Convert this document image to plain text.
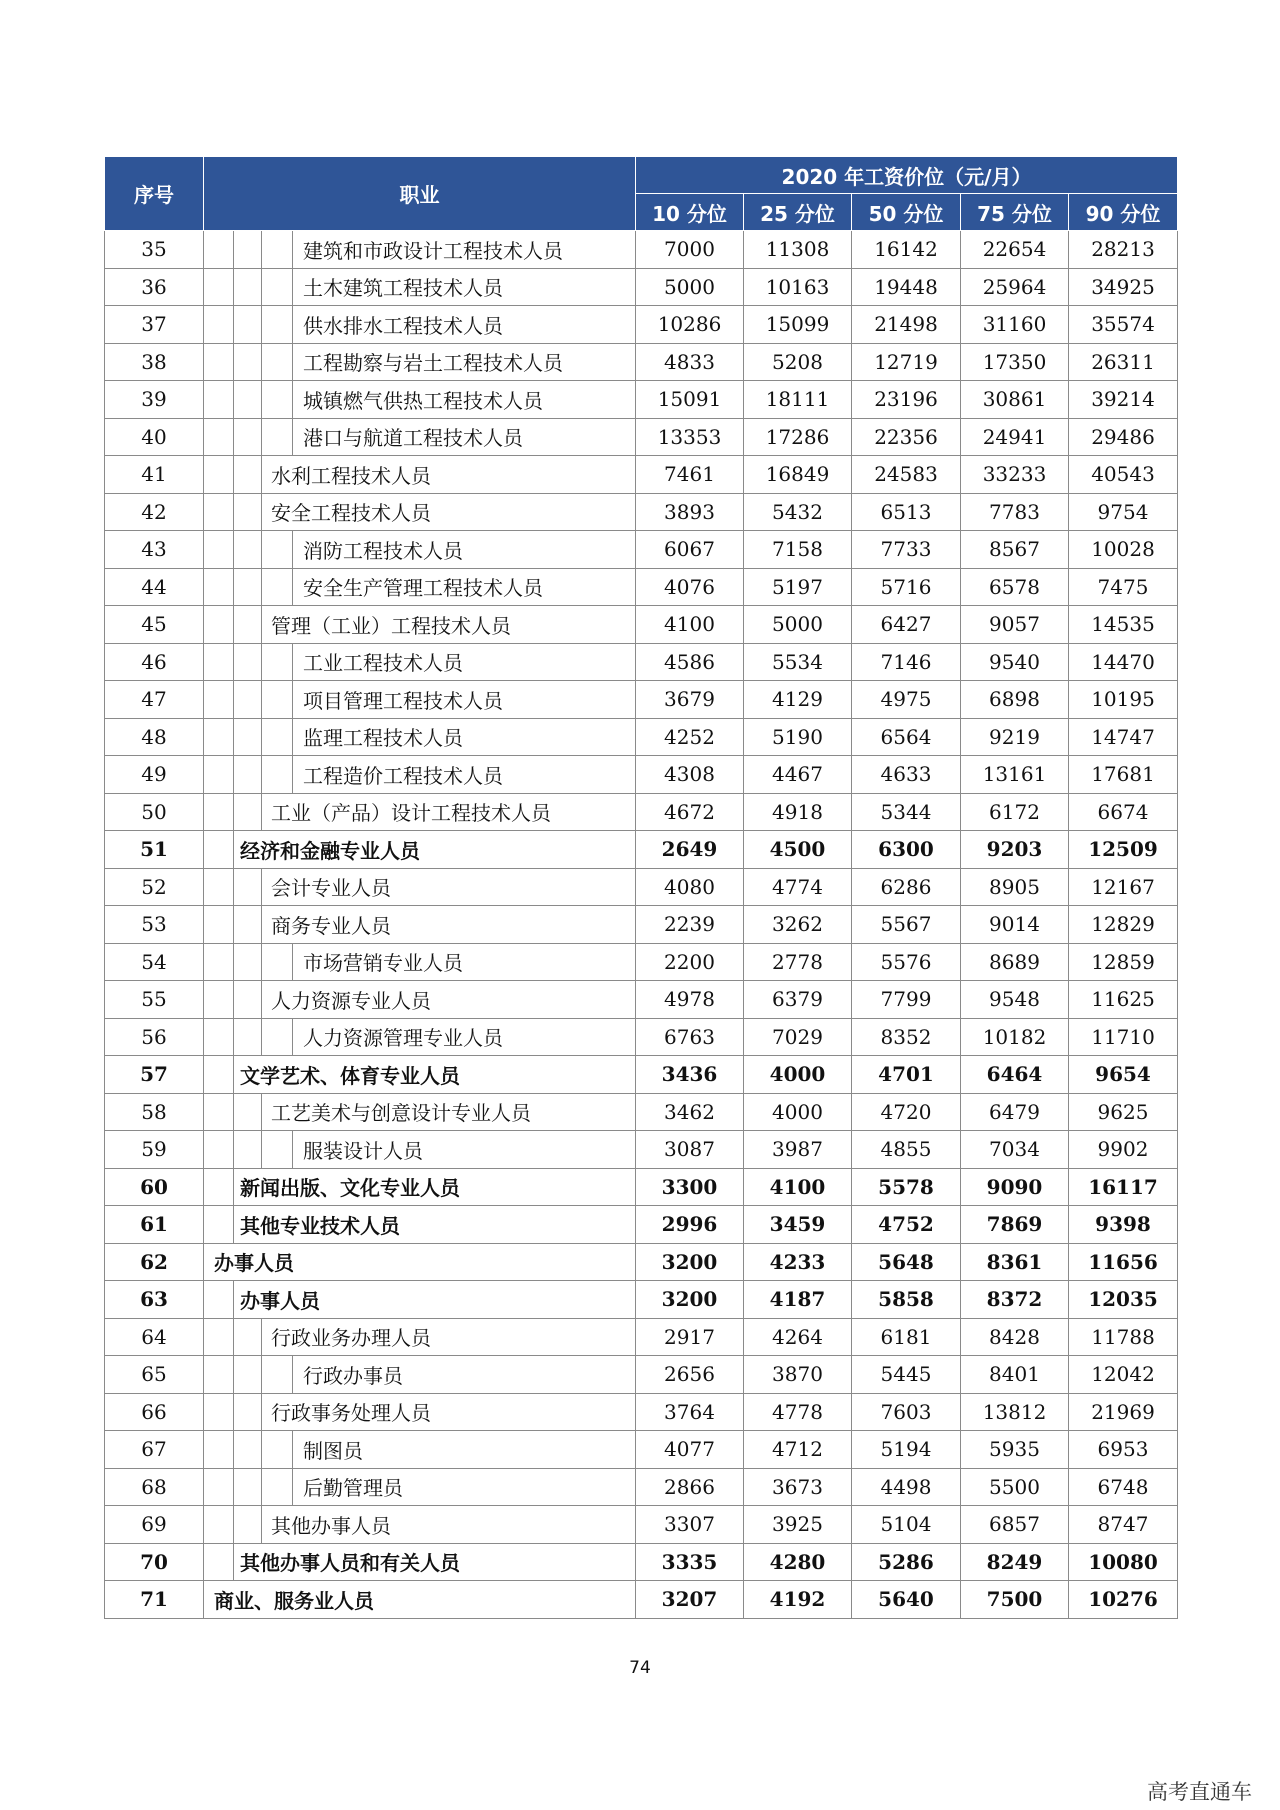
序号	职业	2020 年工资价位（元/月）				
		10 分位	25 分位	50 分位	75 分位	90 分位
35	建筑和市政设计工程技术人员	7000	11308	16142	22654	28213
36	土木建筑工程技术人员	5000	10163	19448	25964	34925
37	供水排水工程技术人员	10286	15099	21498	31160	35574
38	工程勘察与岩土工程技术人员	4833	5208	12719	17350	26311
39	城镇燃气供热工程技术人员	15091	18111	23196	30861	39214
40	港口与航道工程技术人员	13353	17286	22356	24941	29486
41	水利工程技术人员	7461	16849	24583	33233	40543
42	安全工程技术人员	3893	5432	6513	7783	9754
43	消防工程技术人员	6067	7158	7733	8567	10028
44	安全生产管理工程技术人员	4076	5197	5716	6578	7475
45	管理（工业）工程技术人员	4100	5000	6427	9057	14535
46	工业工程技术人员	4586	5534	7146	9540	14470
47	项目管理工程技术人员	3679	4129	4975	6898	10195
48	监理工程技术人员	4252	5190	6564	9219	14747
49	工程造价工程技术人员	4308	4467	4633	13161	17681
50	工业（产品）设计工程技术人员	4672	4918	5344	6172	6674
51	经济和金融专业人员	2649	4500	6300	9203	12509
52	会计专业人员	4080	4774	6286	8905	12167
53	商务专业人员	2239	3262	5567	9014	12829
54	市场营销专业人员	2200	2778	5576	8689	12859
55	人力资源专业人员	4978	6379	7799	9548	11625
56	人力资源管理专业人员	6763	7029	8352	10182	11710
57	文学艺术、体育专业人员	3436	4000	4701	6464	9654
58	工艺美术与创意设计专业人员	3462	4000	4720	6479	9625
59	服装设计人员	3087	3987	4855	7034	9902
60	新闻出版、文化专业人员	3300	4100	5578	9090	16117
61	其他专业技术人员	2996	3459	4752	7869	9398
62	办事人员	3200	4233	5648	8361	11656
63	办事人员	3200	4187	5858	8372	12035
64	行政业务办理人员	2917	4264	6181	8428	11788
65	行政办事员	2656	3870	5445	8401	12042
66	行政事务处理人员	3764	4778	7603	13812	21969
67	制图员	4077	4712	5194	5935	6953
68	后勤管理员	2866	3673	4498	5500	6748
69	其他办事人员	3307	3925	5104	6857	8747
70	其他办事人员和有关人员	3335	4280	5286	8249	10080
71	商业、服务业人员	3207	4192	5640	7500	10276
74
高考直通车
